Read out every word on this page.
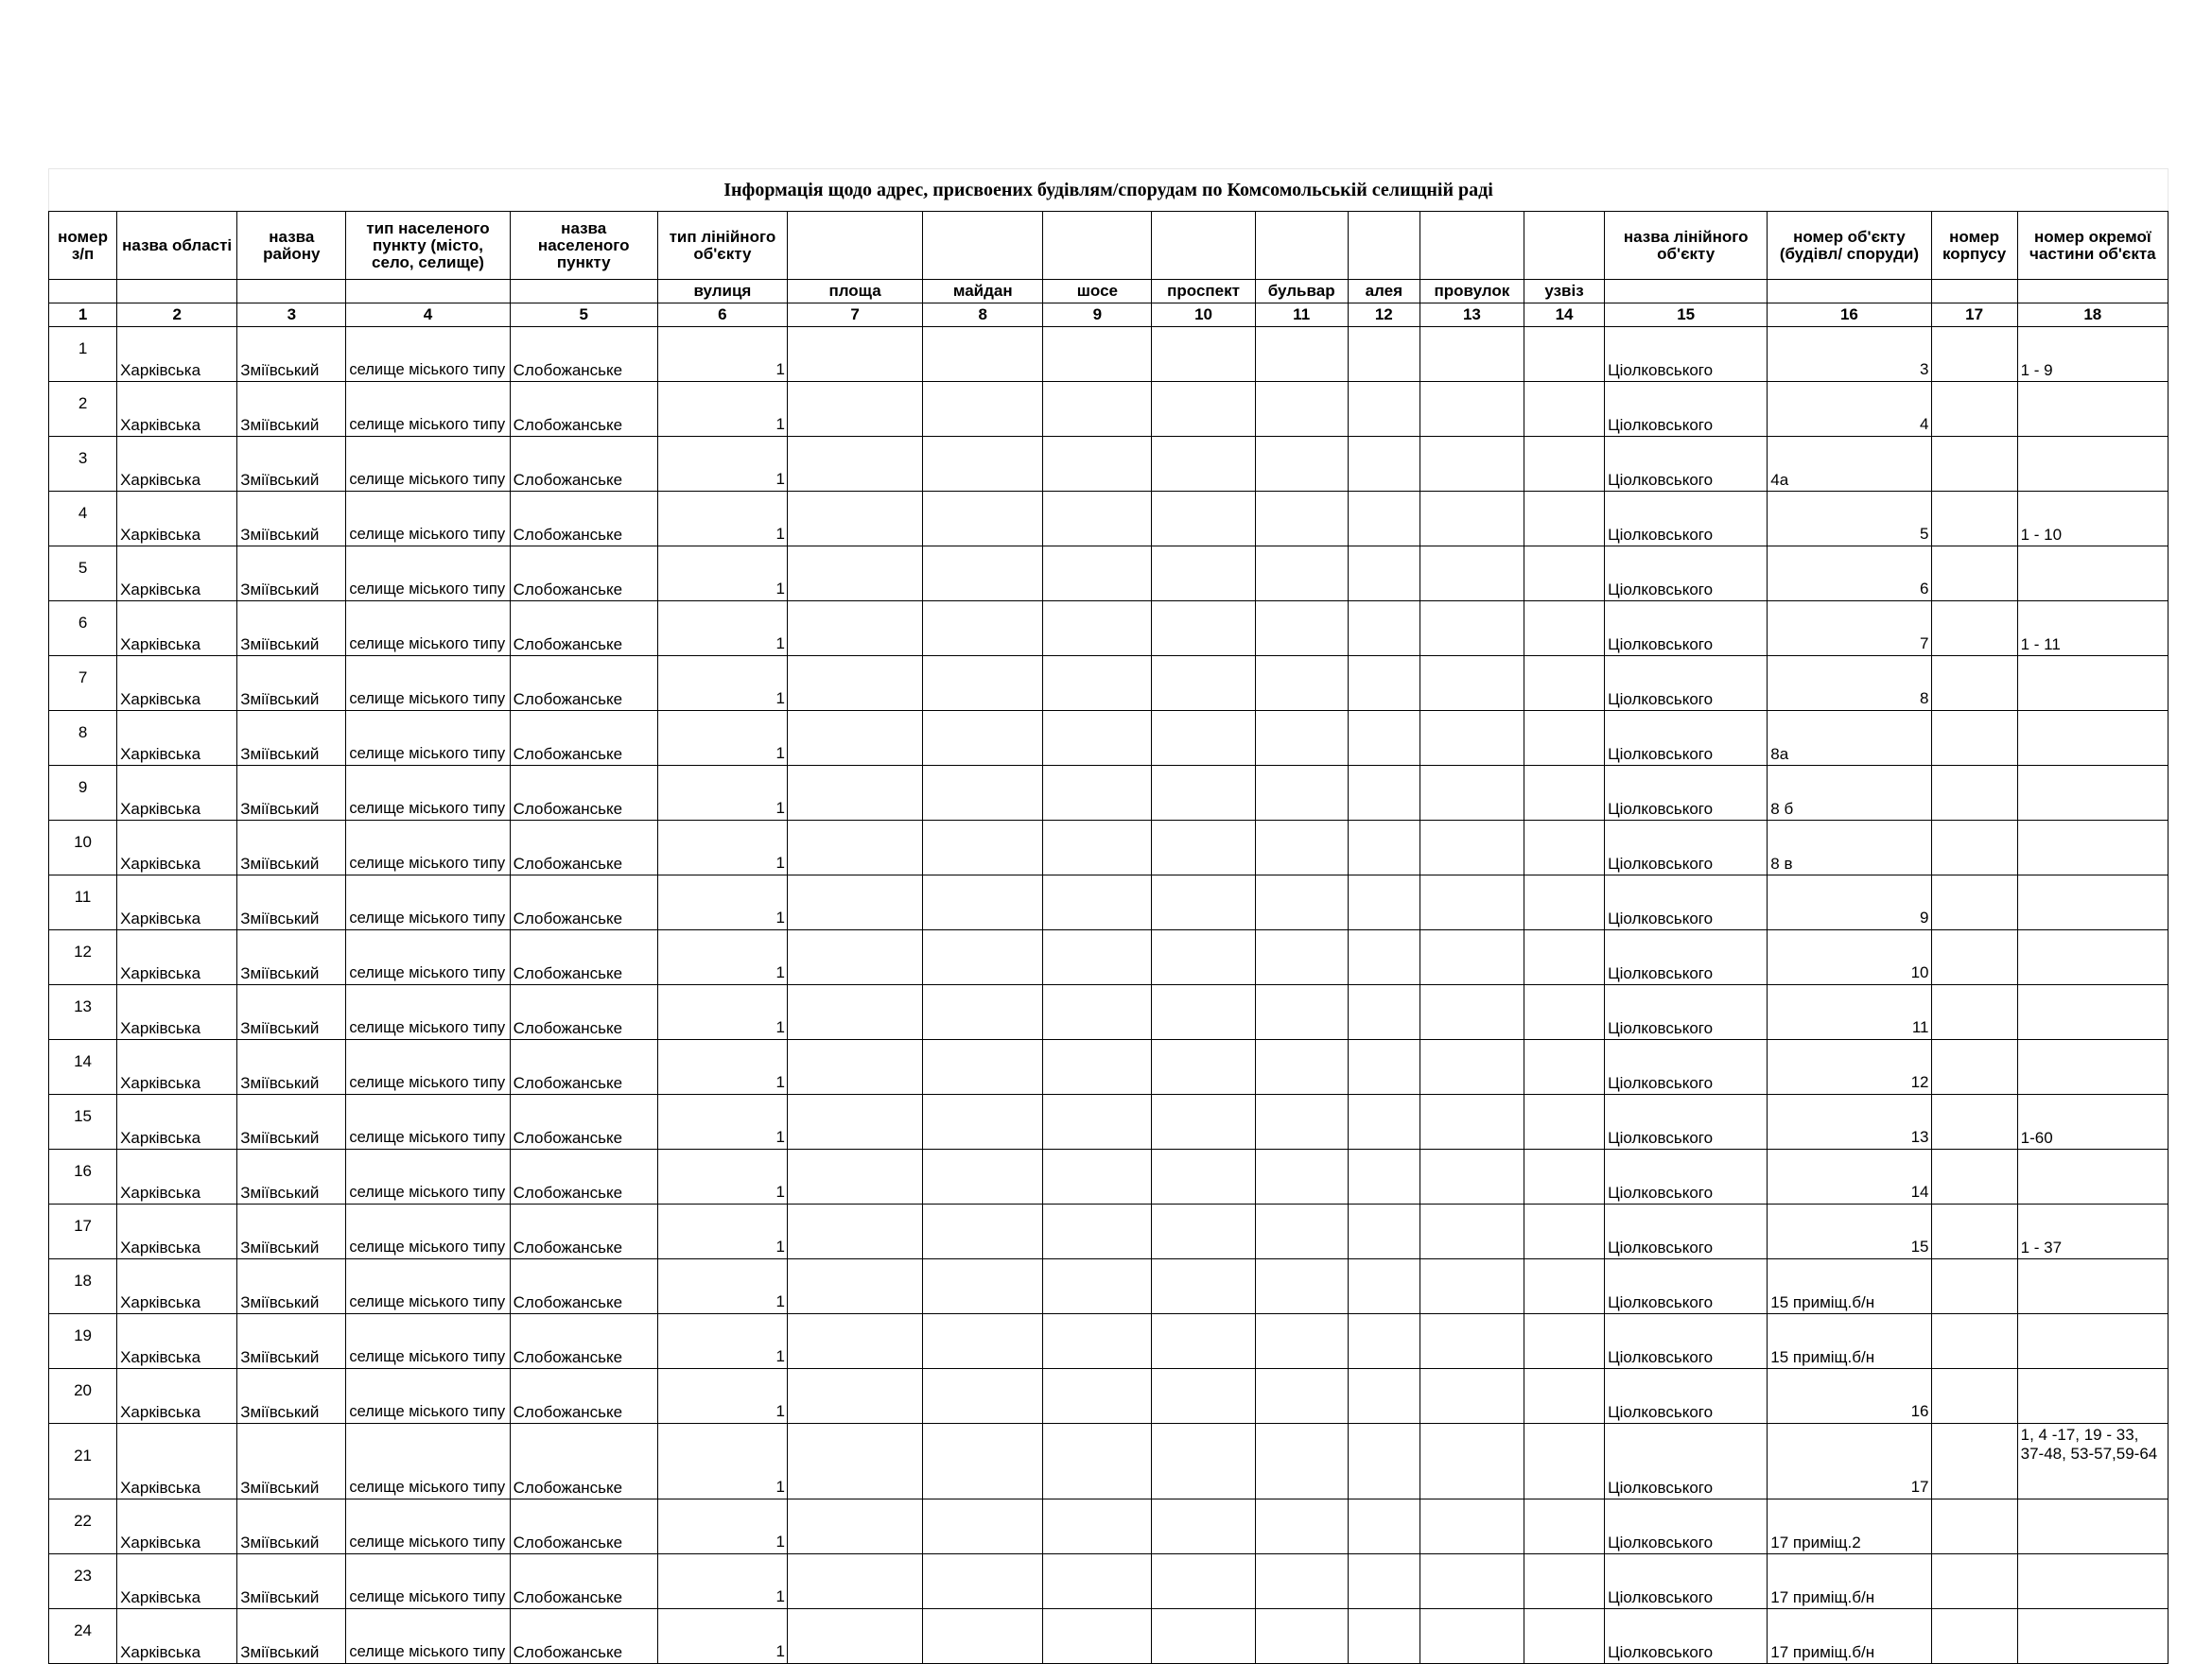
Інформація щодо адрес, присвоених будівлям/спорудам по Комсомольській селищній раді
номер з/п	назва області	назва району	тип населеного пункту (місто, село, селище)	назва населеного пункту	тип лінійного об'єкту									назва лінійного об'єкту	номер об'єкту (будівл/ споруди)	номер корпусу	номер окремої частини об'єкта
					вулиця	площа	майдан	шосе	проспект	бульвар	алея	провулок	узвіз				
1	2	3	4	5	6	7	8	9	10	11	12	13	14	15	16	17	18
1	Харківська	Зміївський	селище міського типу	Слобожанське	1									Ціолковського	3		1 - 9
2	Харківська	Зміївський	селище міського типу	Слобожанське	1									Ціолковського	4		
3	Харківська	Зміївський	селище міського типу	Слобожанське	1									Ціолковського	4а		
4	Харківська	Зміївський	селище міського типу	Слобожанське	1									Ціолковського	5		1 - 10
5	Харківська	Зміївський	селище міського типу	Слобожанське	1									Ціолковського	6		
6	Харківська	Зміївський	селище міського типу	Слобожанське	1									Ціолковського	7		1 - 11
7	Харківська	Зміївський	селище міського типу	Слобожанське	1									Ціолковського	8		
8	Харківська	Зміївський	селище міського типу	Слобожанське	1									Ціолковського	8а		
9	Харківська	Зміївський	селище міського типу	Слобожанське	1									Ціолковського	8 б		
10	Харківська	Зміївський	селище міського типу	Слобожанське	1									Ціолковського	8 в		
11	Харківська	Зміївський	селище міського типу	Слобожанське	1									Ціолковського	9		
12	Харківська	Зміївський	селище міського типу	Слобожанське	1									Ціолковського	10		
13	Харківська	Зміївський	селище міського типу	Слобожанське	1									Ціолковського	11		
14	Харківська	Зміївський	селище міського типу	Слобожанське	1									Ціолковського	12		
15	Харківська	Зміївський	селище міського типу	Слобожанське	1									Ціолковського	13		1-60
16	Харківська	Зміївський	селище міського типу	Слобожанське	1									Ціолковського	14		
17	Харківська	Зміївський	селище міського типу	Слобожанське	1									Ціолковського	15		1 - 37
18	Харківська	Зміївський	селище міського типу	Слобожанське	1									Ціолковського	15 приміщ.б/н		
19	Харківська	Зміївський	селище міського типу	Слобожанське	1									Ціолковського	15 приміщ.б/н		
20	Харківська	Зміївський	селище міського типу	Слобожанське	1									Ціолковського	16		
21	Харківська	Зміївський	селище міського типу	Слобожанське	1									Ціолковського	17		1, 4 -17, 19 - 33, 37-48, 53-57,59-64
22	Харківська	Зміївський	селище міського типу	Слобожанське	1									Ціолковського	17 приміщ.2		
23	Харківська	Зміївський	селище міського типу	Слобожанське	1									Ціолковського	17 приміщ.б/н		
24	Харківська	Зміївський	селище міського типу	Слобожанське	1									Ціолковського	17 приміщ.б/н		
